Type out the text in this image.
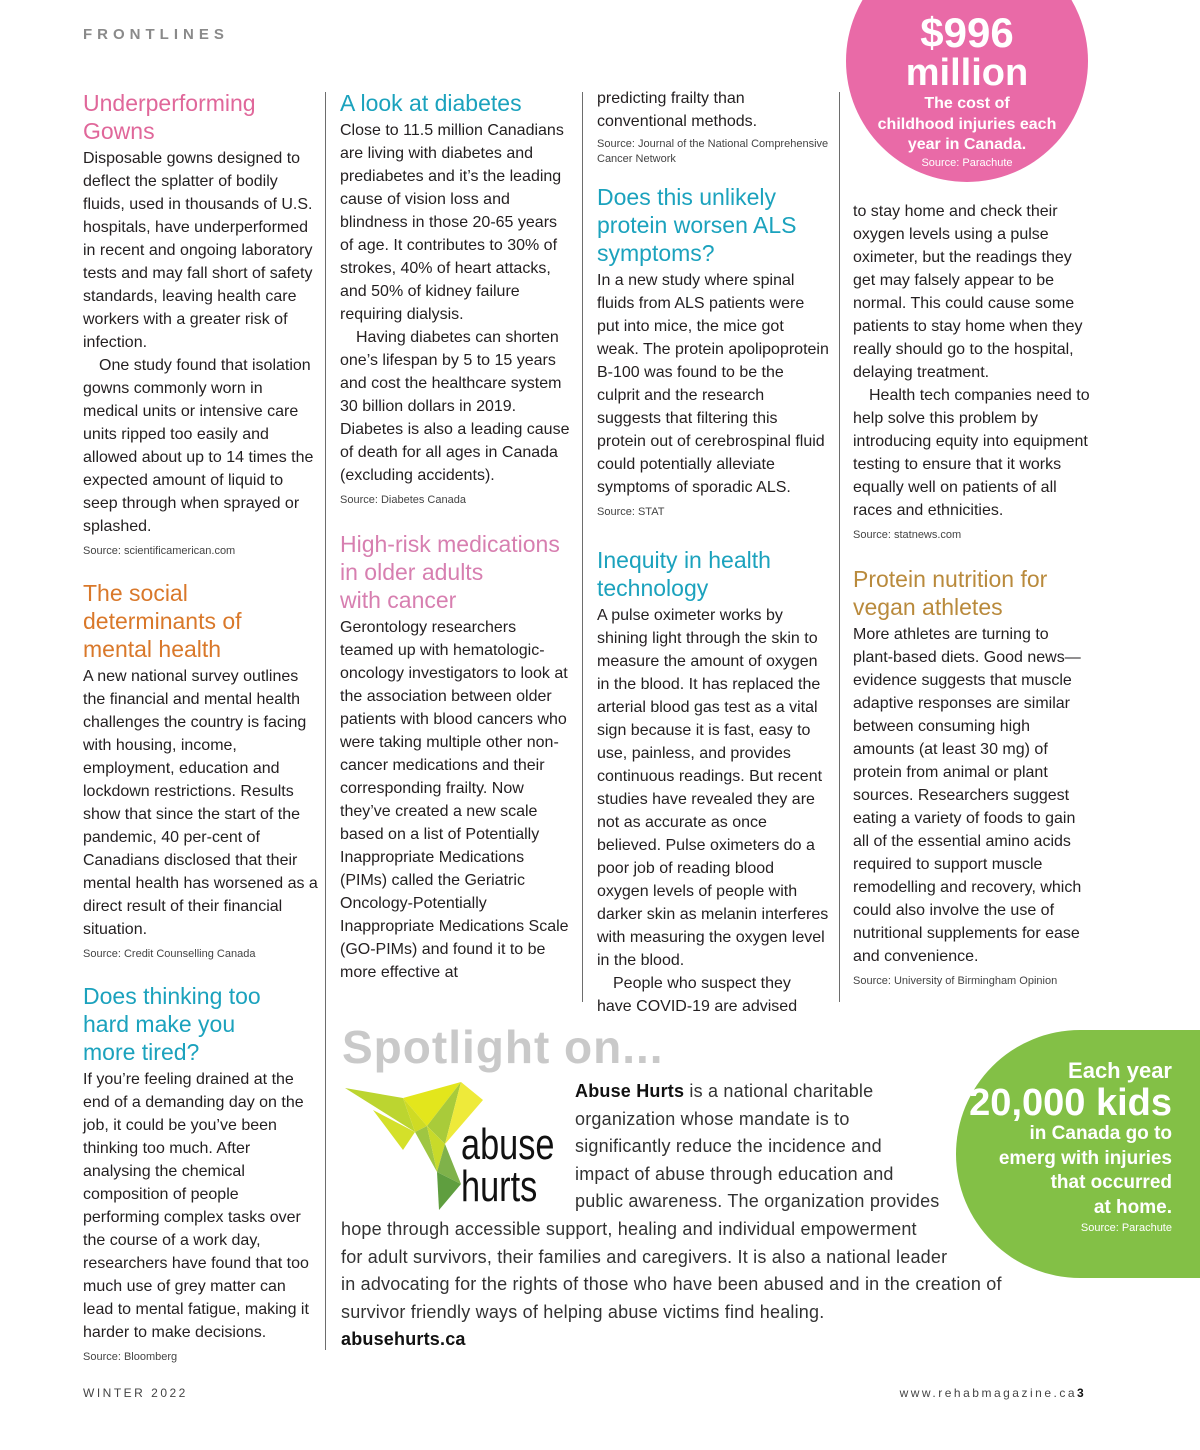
FRONTLINES
Underperforming
Gowns

Disposable gowns designed to deflect the splatter of bodily fluids, used in thousands of U.S. hospitals, have underperformed in recent and ongoing laboratory tests and may fall short of safety standards, leaving health care workers with a greater risk of infection.

One study found that isolation gowns commonly worn in medical units or intensive care units ripped too easily and allowed about up to 14 times the expected amount of liquid to seep through when sprayed or splashed.

Source: scientificamerican.com

The social
determinants of
mental health

A new national survey outlines the financial and mental health challenges the country is facing with housing, income, employment, education and lockdown restrictions. Results show that since the start of the pandemic, 40 per-cent of Canadians disclosed that their mental health has worsened as a direct result of their financial situation.

Source: Credit Counselling Canada

Does thinking too
hard make you
more tired?

If you’re feeling drained at the end of a demanding day on the job, it could be you’ve been thinking too much. After analysing the chemical composition of people performing complex tasks over the course of a work day, researchers have found that too much use of grey matter can lead to mental fatigue, making it harder to make decisions.

Source: Bloomberg

A look at diabetes

Close to 11.5 million Canadians are living with diabetes and prediabetes and it’s the leading cause of vision loss and blindness in those 20-65 years of age. It contributes to 30% of strokes, 40% of heart attacks, and 50% of kidney failure requiring dialysis.

Having diabetes can shorten one’s lifespan by 5 to 15 years and cost the healthcare system 30 billion dollars in 2019. Diabetes is also a leading cause of death for all ages in Canada (excluding accidents).

Source: Diabetes Canada

High-risk medications
in older adults
with cancer

Gerontology researchers teamed up with hematologic-oncology investigators to look at the association between older patients with blood cancers who were taking multiple other non-cancer medications and their corresponding frailty. Now they’ve created a new scale based on a list of Potentially Inappropriate Medications (PIMs) called the Geriatric Oncology-Potentially Inappropriate Medications Scale (GO-PIMs) and found it to be more effective at

predicting frailty than conventional methods.

Source: Journal of the National Comprehensive Cancer Network

Does this unlikely
protein worsen ALS
symptoms?

In a new study where spinal fluids from ALS patients were put into mice, the mice got weak. The protein apolipoprotein B-100 was found to be the culprit and the research suggests that filtering this protein out of cerebrospinal fluid could potentially alleviate symptoms of sporadic ALS.

Source: STAT

Inequity in health
technology

A pulse oximeter works by shining light through the skin to measure the amount of oxygen in the blood. It has replaced the arterial blood gas test as a vital sign because it is fast, easy to use, painless, and provides continuous readings. But recent studies have revealed they are not as accurate as once believed. Pulse oximeters do a poor job of reading blood oxygen levels of people with darker skin as melanin interferes with measuring the oxygen level in the blood.

People who suspect they have COVID-19 are advised

$996
million
The cost of
childhood injuries each
year in Canada.
Source: Parachute

to stay home and check their oxygen levels using a pulse oximeter, but the readings they get may falsely appear to be normal. This could cause some patients to stay home when they really should go to the hospital, delaying treatment.

Health tech companies need to help solve this problem by introducing equity into equipment testing to ensure that it works equally well on patients of all races and ethnicities.

Source: statnews.com

Protein nutrition for
vegan athletes

More athletes are turning to plant-based diets. Good news—evidence suggests that muscle adaptive responses are similar between consuming high amounts (at least 30 mg) of protein from animal or plant sources. Researchers suggest eating a variety of foods to gain all of the essential amino acids required to support muscle remodelling and recovery, which could also involve the use of nutritional supplements for ease and convenience.

Source: University of Birmingham Opinion

Spotlight on...
abuse
hurts
Abuse Hurts is a national charitable
organization whose mandate is to
significantly reduce the incidence and
impact of abuse through education and
public awareness. The organization provides
hope through accessible support, healing and individual empowerment
for adult survivors, their families and caregivers. It is also a national leader
in advocating for the rights of those who have been abused and in the creation of
survivor friendly ways of helping abuse victims find healing.
abusehurts.ca
Each year
20,000 kids
in Canada go to
emerg with injuries
that occurred
at home.
Source: Parachute
WINTER 2022	www.rehabmagazine.ca 3
